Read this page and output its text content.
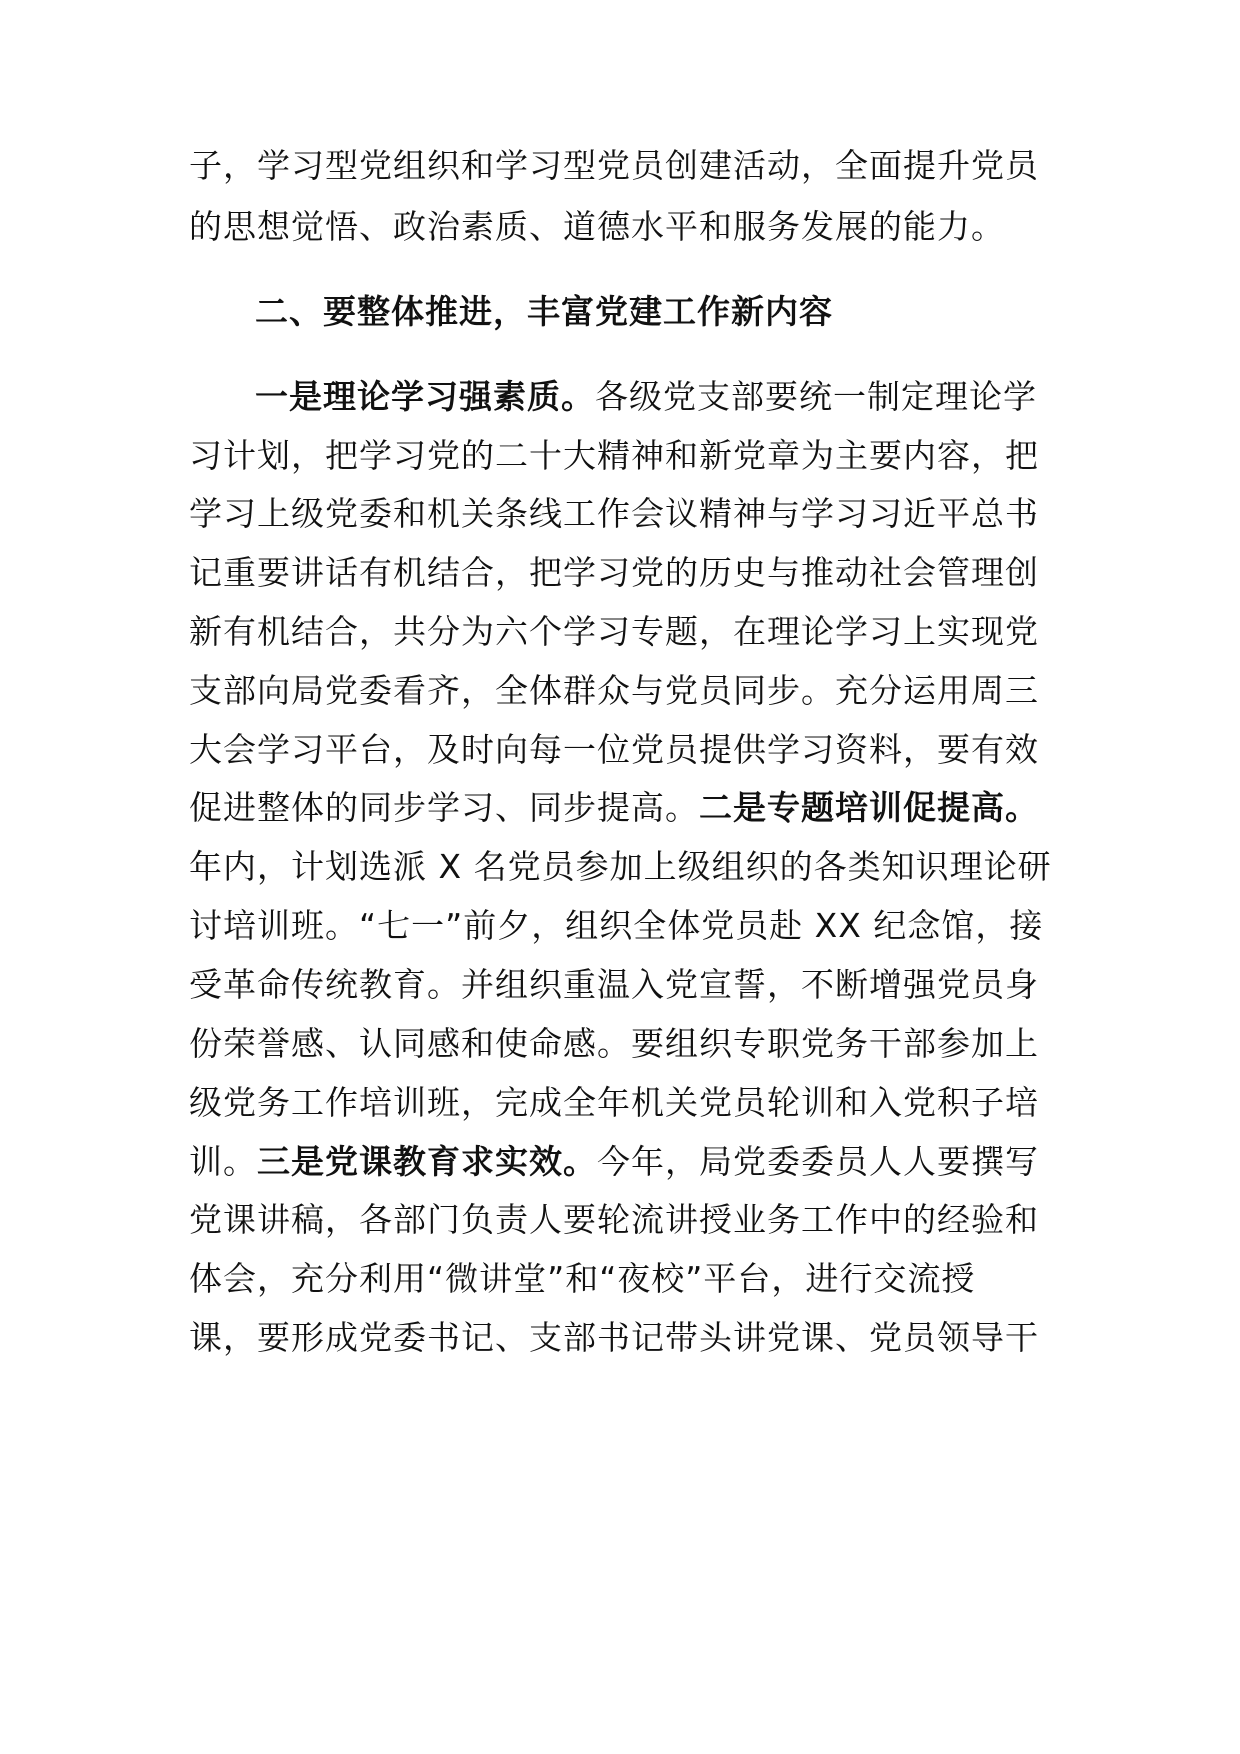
子，学习型党组织和学习型党员创建活动，全面提升党员
的思想觉悟、政治素质、道德水平和服务发展的能力。
二、要整体推进，丰富党建工作新内容
一是理论学习强素质。各级党支部要统一制定理论学
习计划，把学习党的二十大精神和新党章为主要内容，把
学习上级党委和机关条线工作会议精神与学习习近平总书
记重要讲话有机结合，把学习党的历史与推动社会管理创
新有机结合，共分为六个学习专题，在理论学习上实现党
支部向局党委看齐，全体群众与党员同步。充分运用周三
大会学习平台，及时向每一位党员提供学习资料，要有效
促进整体的同步学习、同步提高。二是专题培训促提高。
年内，计划选派 X 名党员参加上级组织的各类知识理论研
讨培训班。“七一”前夕，组织全体党员赴 XX 纪念馆，接
受革命传统教育。并组织重温入党宣誓，不断增强党员身
份荣誉感、认同感和使命感。要组织专职党务干部参加上
级党务工作培训班，完成全年机关党员轮训和入党积子培
训。三是党课教育求实效。今年，局党委委员人人要撰写
党课讲稿，各部门负责人要轮流讲授业务工作中的经验和
体会，充分利用“微讲堂”和“夜校”平台，进行交流授
课，要形成党委书记、支部书记带头讲党课、党员领导干
